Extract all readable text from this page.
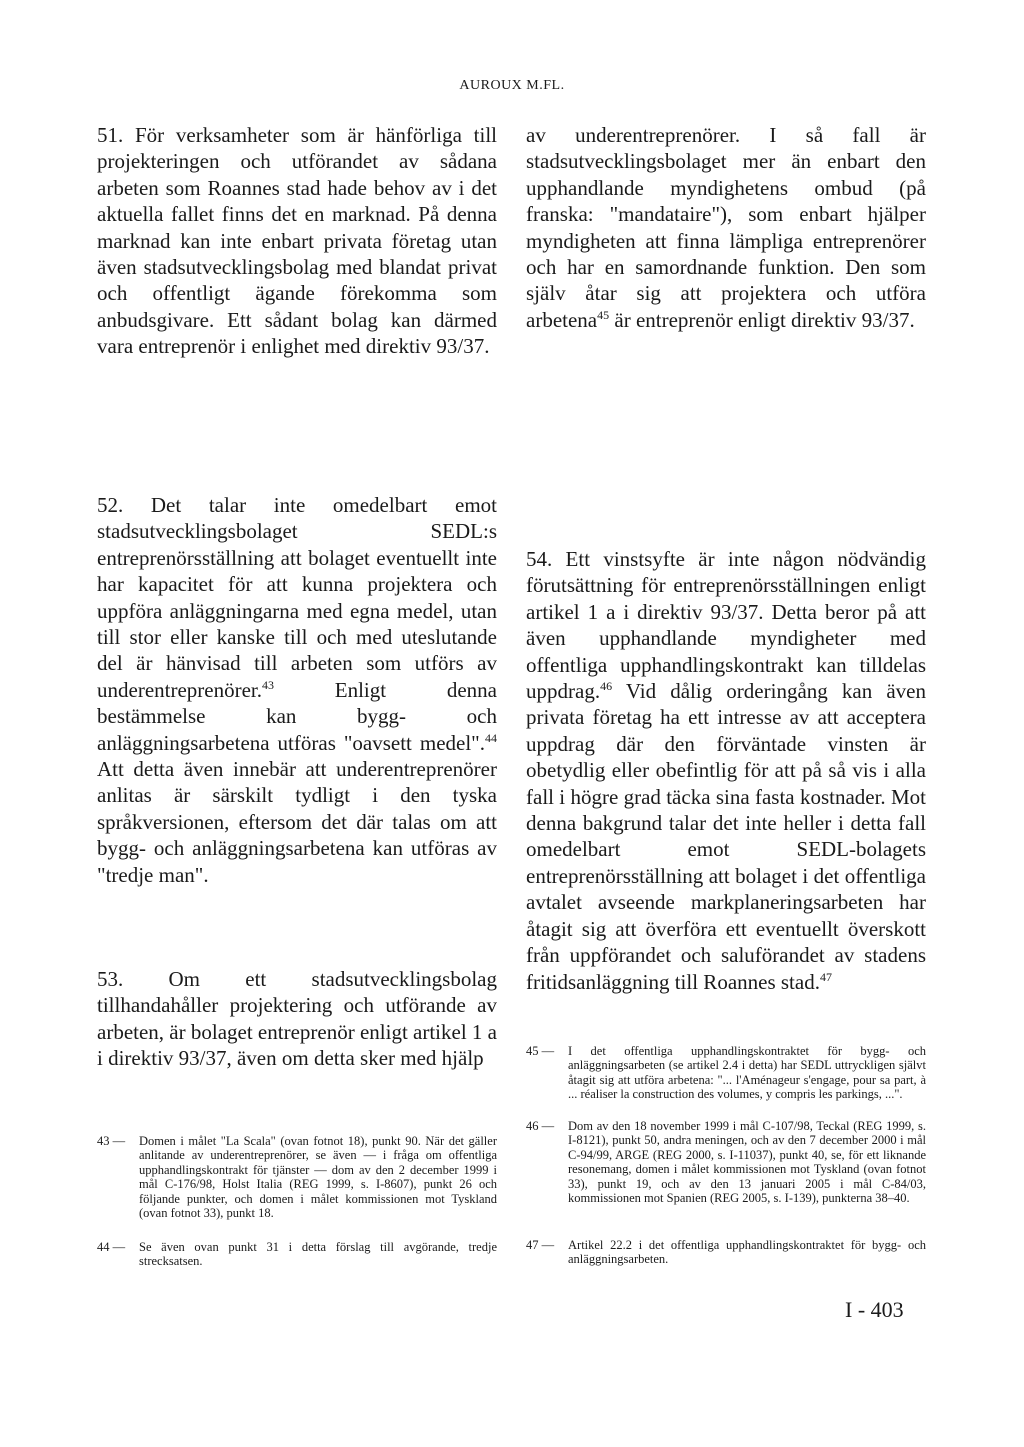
AUROUX M.FL.

51. För verksamheter som är hänförliga till projekteringen och utförandet av sådana arbeten som Roannes stad hade behov av i det aktuella fallet finns det en marknad. På denna marknad kan inte enbart privata företag utan även stadsutvecklingsbolag med blandat privat och offentligt ägande förekomma som anbudsgivare. Ett sådant bolag kan därmed vara entreprenör i enlighet med direktiv 93/37.

52. Det talar inte omedelbart emot stadsutvecklingsbolaget SEDL:s entreprenörsställning att bolaget eventuellt inte har kapacitet för att kunna projektera och uppföra anläggningarna med egna medel, utan till stor eller kanske till och med uteslutande del är hänvisad till arbeten som utförs av underentreprenörer.$^{43}$ Enligt denna bestämmelse kan bygg- och anläggningsarbetena utföras "oavsett medel".$^{44}$ Att detta även innebär att underentreprenörer anlitas är särskilt tydligt i den tyska språkversionen, eftersom det där talas om att bygg- och anläggningsarbetena kan utföras av "tredje man".

53. Om ett stadsutvecklingsbolag tillhandahåller projektering och utförande av arbeten, är bolaget entreprenör enligt artikel 1 a i direktiv 93/37, även om detta sker med hjälp

43 —	Domen i målet "La Scala" (ovan fotnot 18), punkt 90. När det gäller anlitande av underentreprenörer, se även — i fråga om offentliga upphandlingskontrakt för tjänster — dom av den 2 december 1999 i mål C-176/98, Holst Italia (REG 1999, s. I-8607), punkt 26 och följande punkter, och domen i målet kommissionen mot Tyskland (ovan fotnot 33), punkt 18.
44 —	Se även ovan punkt 31 i detta förslag till avgörande, tredje strecksatsen.

av underentreprenörer. I så fall är stadsutvecklingsbolaget mer än enbart den upphandlande myndighetens ombud (på franska: "mandataire"), som enbart hjälper myndigheten att finna lämpliga entreprenörer och har en samordnande funktion. Den som själv åtar sig att projektera och utföra arbetena$^{45}$ är entreprenör enligt direktiv 93/37.

54. Ett vinstsyfte är inte någon nödvändig förutsättning för entreprenörsställningen enligt artikel 1 a i direktiv 93/37. Detta beror på att även upphandlande myndigheter med offentliga upphandlingskontrakt kan tilldelas uppdrag.$^{46}$ Vid dålig orderingång kan även privata företag ha ett intresse av att acceptera uppdrag där den förväntade vinsten är obetydlig eller obefintlig för att på så vis i alla fall i högre grad täcka sina fasta kostnader. Mot denna bakgrund talar det inte heller i detta fall omedelbart emot SEDL-bolagets entreprenörsställning att bolaget i det offentliga avtalet avseende markplaneringsarbeten har åtagit sig att överföra ett eventuellt överskott från uppförandet och saluförandet av stadens fritidsanläggning till Roannes stad.$^{47}$

45 —	I det offentliga upphandlingskontraktet för bygg- och anläggningsarbeten (se artikel 2.4 i detta) har SEDL uttryckligen självt åtagit sig att utföra arbetena: "... l'Aménageur s'engage, pour sa part, à ... réaliser la construction des volumes, y compris les parkings, ...".
46 —	Dom av den 18 november 1999 i mål C-107/98, Teckal (REG 1999, s. I-8121), punkt 50, andra meningen, och av den 7 december 2000 i mål C-94/99, ARGE (REG 2000, s. I-11037), punkt 40, se, för ett liknande resonemang, domen i målet kommissionen mot Tyskland (ovan fotnot 33), punkt 19, och av den 13 januari 2005 i mål C-84/03, kommissionen mot Spanien (REG 2005, s. I-139), punkterna 38–40.
47 —	Artikel 22.2 i det offentliga upphandlingskontraktet för bygg- och anläggningsarbeten.
I - 403
